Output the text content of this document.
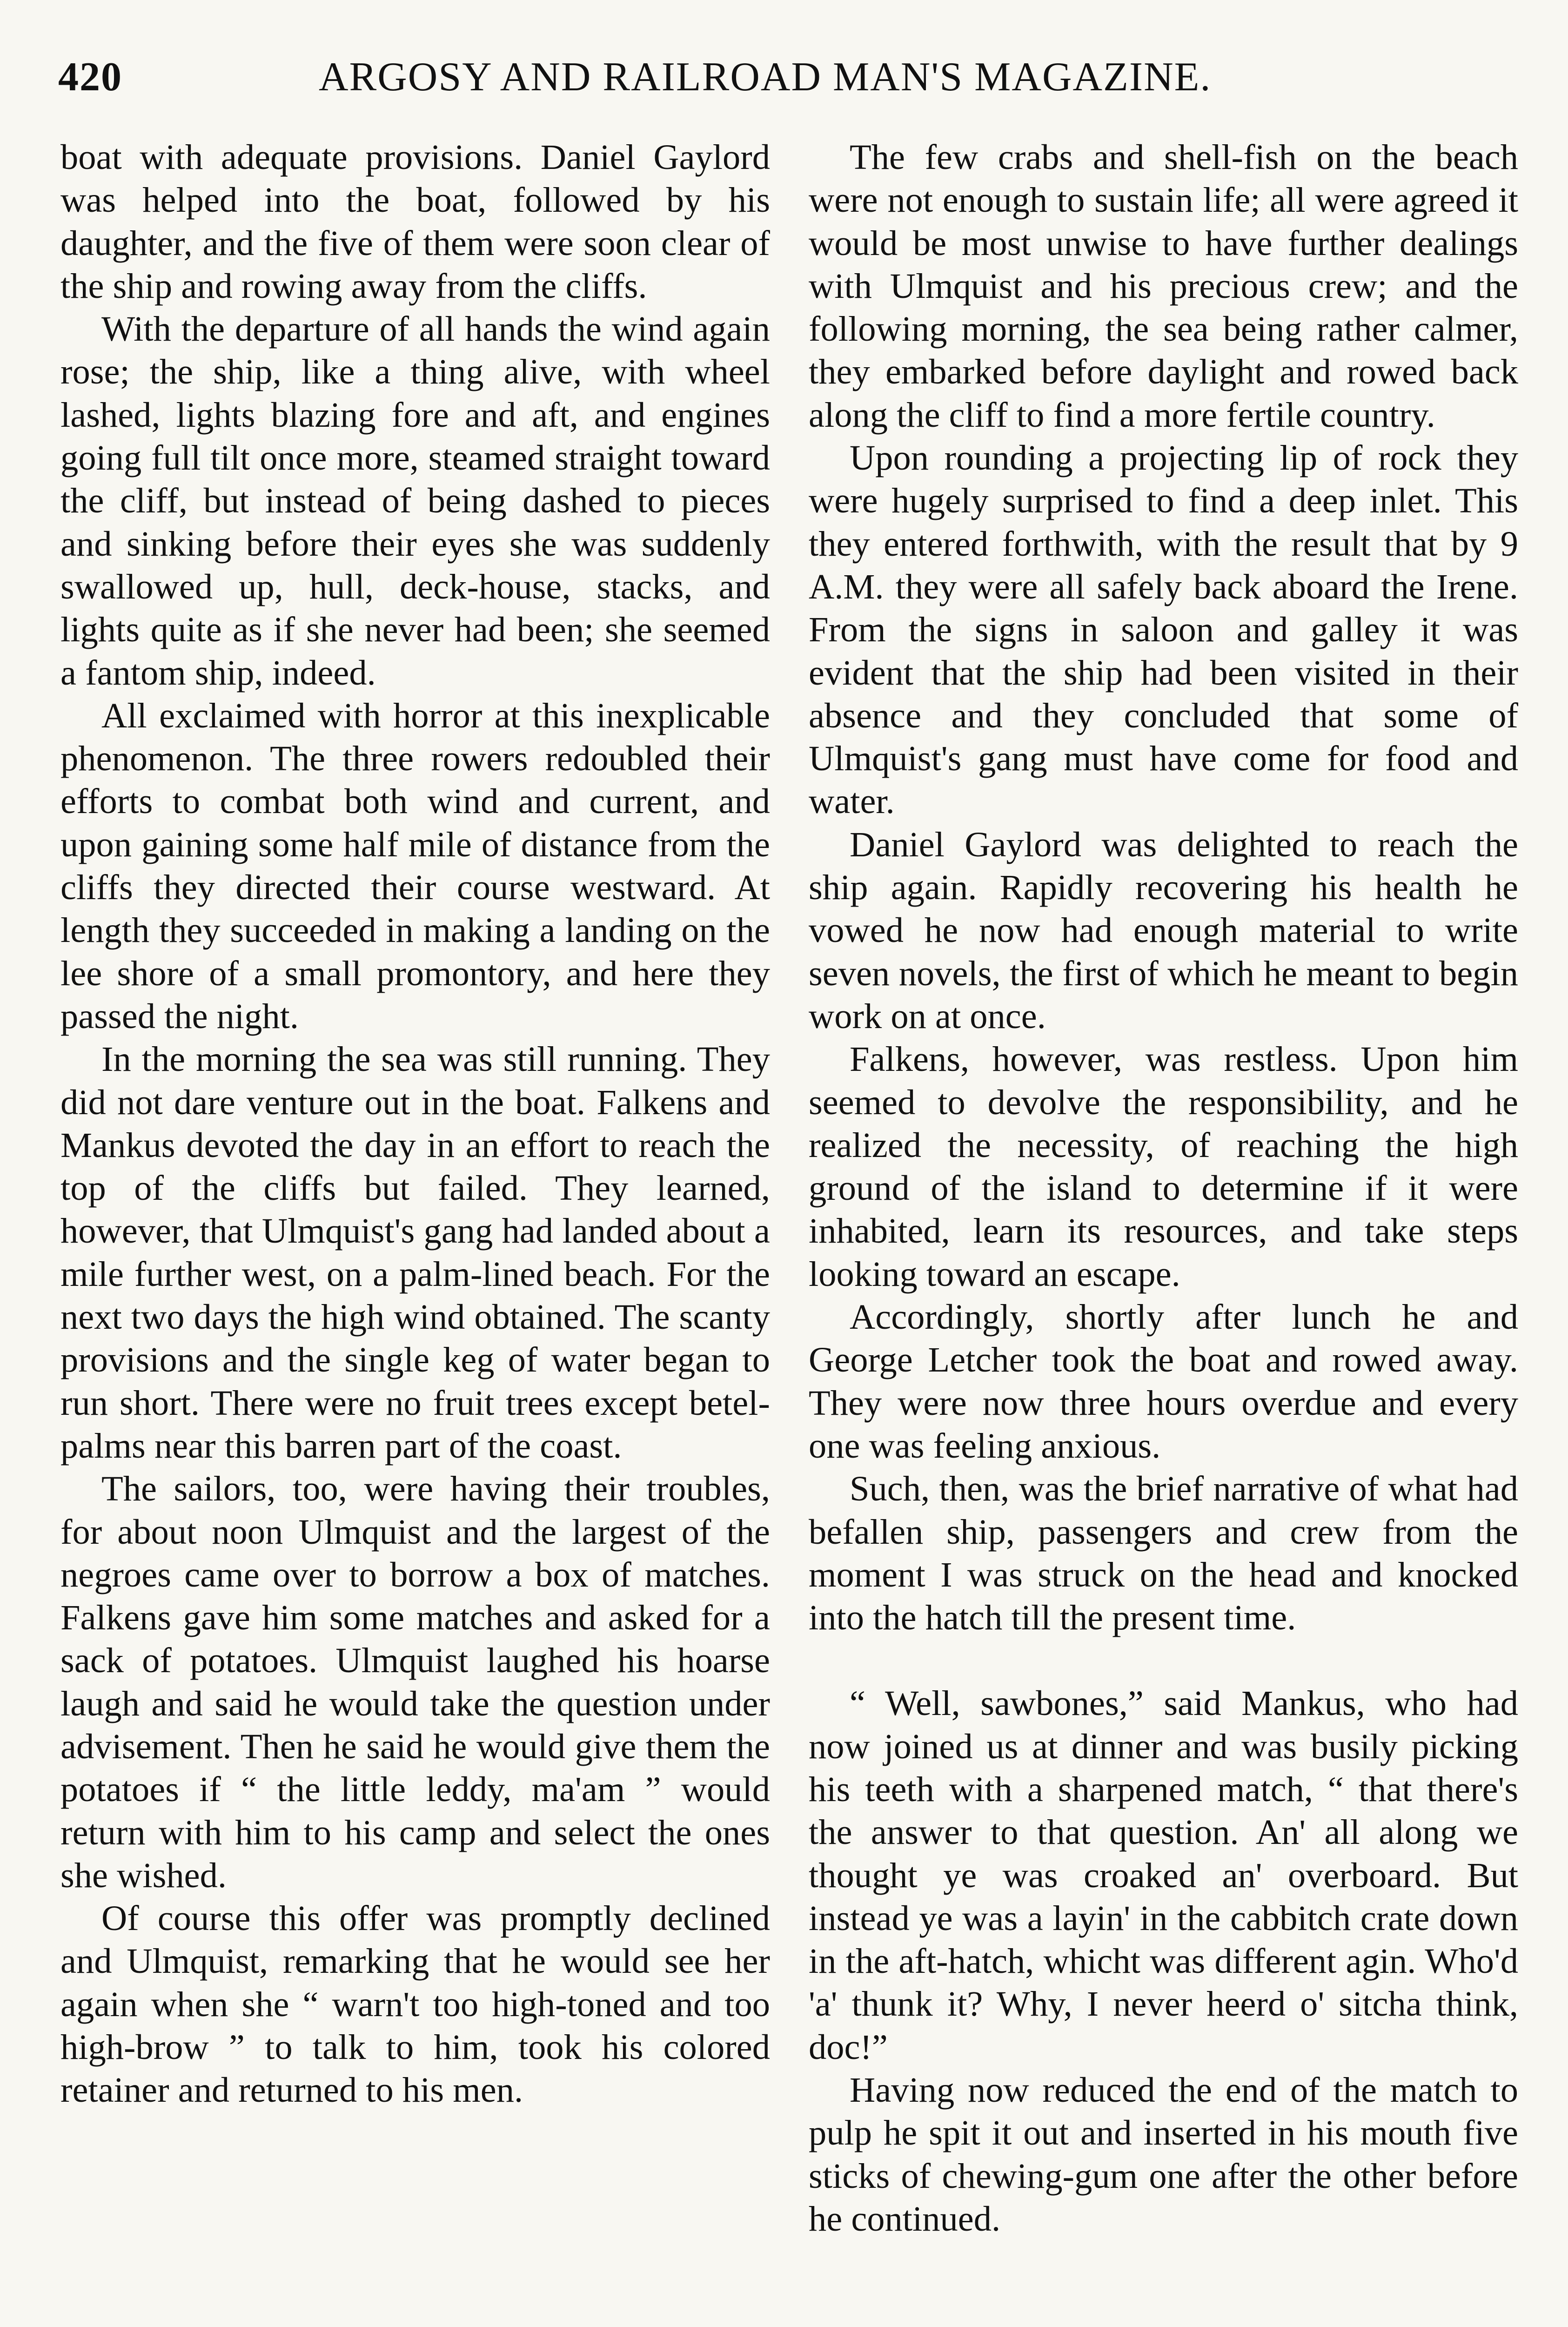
420	ARGOSY AND RAILROAD MAN'S MAGAZINE.

boat with adequate provisions. Daniel Gaylord was helped into the boat, followed by his daughter, and the five of them were soon clear of the ship and rowing away from the cliffs.

With the departure of all hands the wind again rose; the ship, like a thing alive, with wheel lashed, lights blazing fore and aft, and engines going full tilt once more, steamed straight toward the cliff, but instead of being dashed to pieces and sinking before their eyes she was suddenly swallowed up, hull, deck-house, stacks, and lights quite as if she never had been; she seemed a fantom ship, indeed.

All exclaimed with horror at this inexplicable phenomenon. The three rowers redoubled their efforts to combat both wind and current, and upon gaining some half mile of distance from the cliffs they directed their course westward. At length they succeeded in making a landing on the lee shore of a small promontory, and here they passed the night.

In the morning the sea was still running. They did not dare venture out in the boat. Falkens and Mankus devoted the day in an effort to reach the top of the cliffs but failed. They learned, however, that Ulmquist's gang had landed about a mile further west, on a palm-lined beach. For the next two days the high wind obtained. The scanty provisions and the single keg of water began to run short. There were no fruit trees except betel-palms near this barren part of the coast.

The sailors, too, were having their troubles, for about noon Ulmquist and the largest of the negroes came over to borrow a box of matches. Falkens gave him some matches and asked for a sack of potatoes. Ulmquist laughed his hoarse laugh and said he would take the question under advisement. Then he said he would give them the potatoes if “ the little leddy, ma'am ” would return with him to his camp and select the ones she wished.

Of course this offer was promptly declined and Ulmquist, remarking that he would see her again when she “ warn't too high-toned and too high-brow ” to talk to him, took his colored retainer and returned to his men.

The few crabs and shell-fish on the beach were not enough to sustain life; all were agreed it would be most unwise to have further dealings with Ulmquist and his precious crew; and the following morning, the sea being rather calmer, they embarked before daylight and rowed back along the cliff to find a more fertile country.

Upon rounding a projecting lip of rock they were hugely surprised to find a deep inlet. This they entered forthwith, with the result that by 9 A.M. they were all safely back aboard the Irene. From the signs in saloon and galley it was evident that the ship had been visited in their absence and they concluded that some of Ulmquist's gang must have come for food and water.

Daniel Gaylord was delighted to reach the ship again. Rapidly recovering his health he vowed he now had enough material to write seven novels, the first of which he meant to begin work on at once.

Falkens, however, was restless. Upon him seemed to devolve the responsibility, and he realized the necessity, of reaching the high ground of the island to determine if it were inhabited, learn its resources, and take steps looking toward an escape.

Accordingly, shortly after lunch he and George Letcher took the boat and rowed away. They were now three hours overdue and every one was feeling anxious.

Such, then, was the brief narrative of what had befallen ship, passengers and crew from the moment I was struck on the head and knocked into the hatch till the present time.

“ Well, sawbones,” said Mankus, who had now joined us at dinner and was busily picking his teeth with a sharpened match, “ that there's the answer to that question. An' all along we thought ye was croaked an' overboard. But instead ye was a layin' in the cabbitch crate down in the aft-hatch, whicht was different agin. Who'd 'a' thunk it? Why, I never heerd o' sitcha think, doc!”

Having now reduced the end of the match to pulp he spit it out and inserted in his mouth five sticks of chewing-gum one after the other before he continued.
